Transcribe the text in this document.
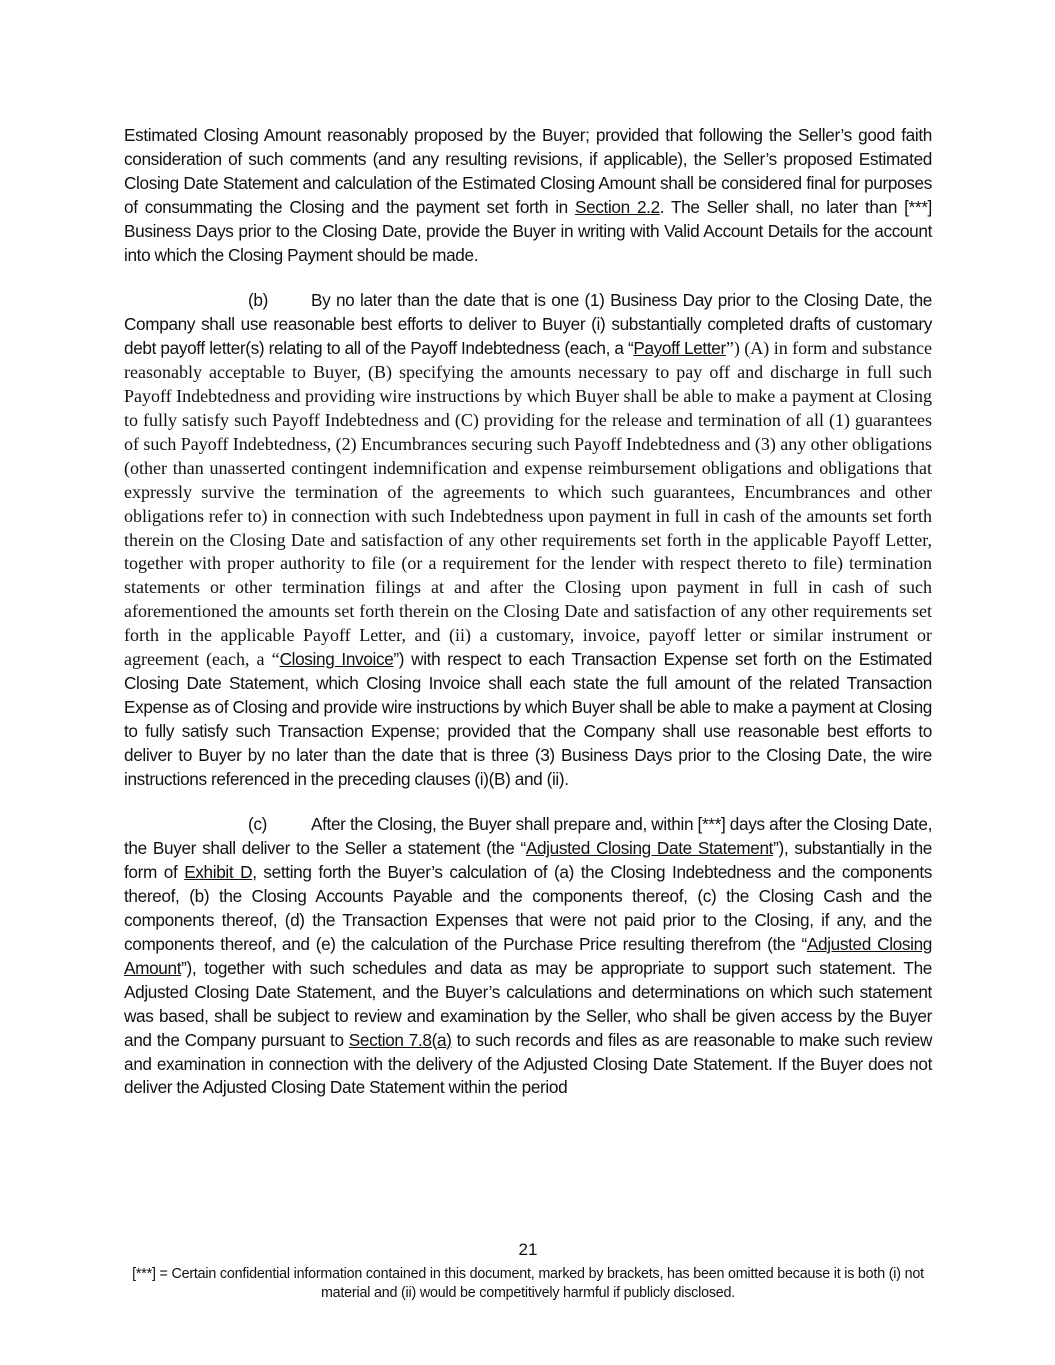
Estimated Closing Amount reasonably proposed by the Buyer; provided that following the Seller’s good faith consideration of such comments (and any resulting revisions, if applicable), the Seller’s proposed Estimated Closing Date Statement and calculation of the Estimated Closing Amount shall be considered final for purposes of consummating the Closing and the payment set forth in Section 2.2. The Seller shall, no later than [***] Business Days prior to the Closing Date, provide the Buyer in writing with Valid Account Details for the account into which the Closing Payment should be made.

(b)	By no later than the date that is one (1) Business Day prior to the Closing Date, the Company shall use reasonable best efforts to deliver to Buyer (i) substantially completed drafts of customary debt payoff letter(s) relating to all of the Payoff Indebtedness (each, a “Payoff Letter”) (A) in form and substance reasonably acceptable to Buyer, (B) specifying the amounts necessary to pay off and discharge in full such Payoff Indebtedness and providing wire instructions by which Buyer shall be able to make a payment at Closing to fully satisfy such Payoff Indebtedness and (C) providing for the release and termination of all (1) guarantees of such Payoff Indebtedness, (2) Encumbrances securing such Payoff Indebtedness and (3) any other obligations (other than unasserted contingent indemnification and expense reimbursement obligations and obligations that expressly survive the termination of the agreements to which such guarantees, Encumbrances and other obligations refer to) in connection with such Indebtedness upon payment in full in cash of the amounts set forth therein on the Closing Date and satisfaction of any other requirements set forth in the applicable Payoff Letter, together with proper authority to file (or a requirement for the lender with respect thereto to file) termination statements or other termination filings at and after the Closing upon payment in full in cash of such aforementioned the amounts set forth therein on the Closing Date and satisfaction of any other requirements set forth in the applicable Payoff Letter, and (ii) a customary, invoice, payoff letter or similar instrument or agreement (each, a “Closing Invoice”) with respect to each Transaction Expense set forth on the Estimated Closing Date Statement, which Closing Invoice shall each state the full amount of the related Transaction Expense as of Closing and provide wire instructions by which Buyer shall be able to make a payment at Closing to fully satisfy such Transaction Expense; provided that the Company shall use reasonable best efforts to deliver to Buyer by no later than the date that is three (3) Business Days prior to the Closing Date, the wire instructions referenced in the preceding clauses (i)(B) and (ii).

(c)	After the Closing, the Buyer shall prepare and, within [***] days after the Closing Date, the Buyer shall deliver to the Seller a statement (the “Adjusted Closing Date Statement”), substantially in the form of Exhibit D, setting forth the Buyer’s calculation of (a) the Closing Indebtedness and the components thereof, (b) the Closing Accounts Payable and the components thereof, (c) the Closing Cash and the components thereof, (d) the Transaction Expenses that were not paid prior to the Closing, if any, and the components thereof, and (e) the calculation of the Purchase Price resulting therefrom (the “Adjusted Closing Amount”), together with such schedules and data as may be appropriate to support such statement. The Adjusted Closing Date Statement, and the Buyer’s calculations and determinations on which such statement was based, shall be subject to review and examination by the Seller, who shall be given access by the Buyer and the Company pursuant to Section 7.8(a) to such records and files as are reasonable to make such review and examination in connection with the delivery of the Adjusted Closing Date Statement. If the Buyer does not deliver the Adjusted Closing Date Statement within the period

21
[***] = Certain confidential information contained in this document, marked by brackets, has been omitted because it is both (i) not material and (ii) would be competitively harmful if publicly disclosed.
